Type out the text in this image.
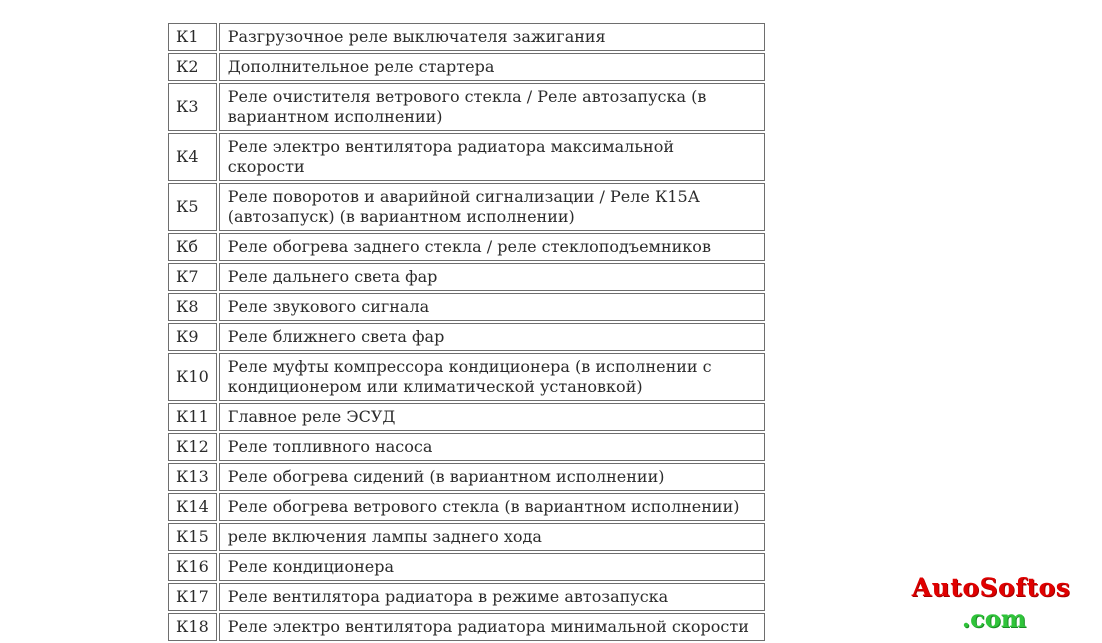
К1	Разгрузочное реле выключателя зажигания
К2	Дополнительное реле стартера
К3	Реле очистителя ветрового стекла / Реле автозапуска (в вариантном исполнении)
К4	Реле электро вентилятора радиатора максимальной скорости
К5	Реле поворотов и аварийной сигнализации / Реле К15А (автозапуск) (в вариантном исполнении)
Кб	Реле обогрева заднего стекла / реле стеклоподъемников
К7	Реле дальнего света фар
К8	Реле звукового сигнала
К9	Реле ближнего света фар
К10	Реле муфты компрессора кондиционера (в исполнении с кондиционером или климатической установкой)
К11	Главное реле ЭСУД
К12	Реле топливного насоса
К13	Реле обогрева сидений (в вариантном исполнении)
К14	Реле обогрева ветрового стекла (в вариантном исполнении)
К15	реле включения лампы заднего хода
К16	Реле кондиционера
К17	Реле вентилятора радиатора в режиме автозапуска
К18	Реле электро вентилятора радиатора минимальной скорости
AutoSoftos
.com
